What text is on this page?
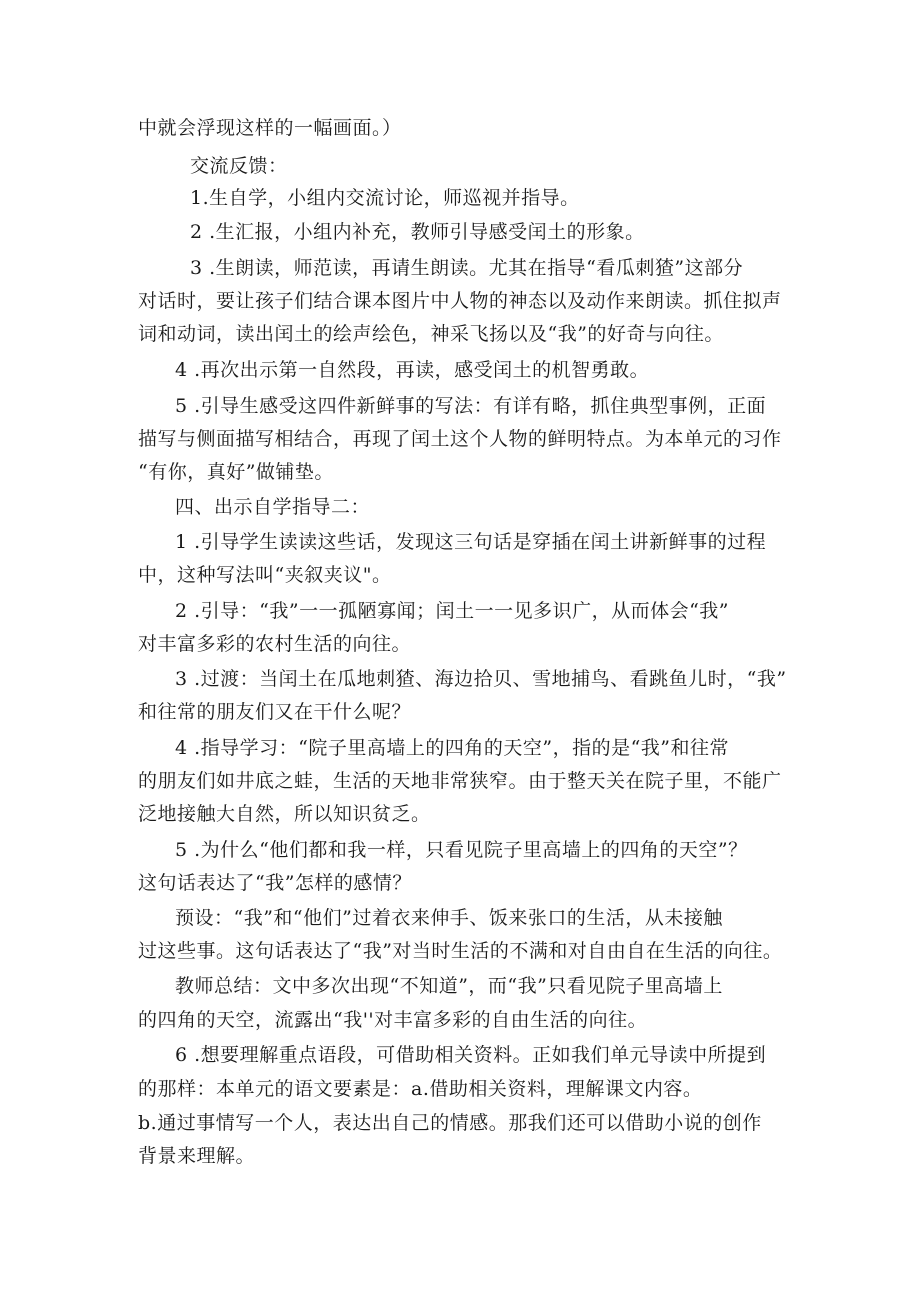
中就会浮现这样的一幅画面。）
交流反馈：
1.生自学，小组内交流讨论，师巡视并指导。
2 .生汇报，小组内补充，教师引导感受闰土的形象。
3 .生朗读，师范读，再请生朗读。尤其在指导“看瓜刺猹”这部分
对话时，要让孩子们结合课本图片中人物的神态以及动作来朗读。抓住拟声
词和动词，读出闰土的绘声绘色，神采飞扬以及“我”的好奇与向往。
4 .再次出示第一自然段，再读，感受闰土的机智勇敢。
5 .引导生感受这四件新鲜事的写法：有详有略，抓住典型事例，正面
描写与侧面描写相结合，再现了闰土这个人物的鲜明特点。为本单元的习作
“有你，真好”做铺垫。
四、出示自学指导二：
1 .引导学生读读这些话，发现这三句话是穿插在闰土讲新鲜事的过程
中，这种写法叫“夹叙夹议"。
2 .引导：“我”一一孤陋寡闻；闰土一一见多识广，从而体会“我”
对丰富多彩的农村生活的向往。
3 .过渡：当闰土在瓜地刺猹、海边拾贝、雪地捕鸟、看跳鱼儿时，“我”
和往常的朋友们又在干什么呢？
4 .指导学习：“院子里高墙上的四角的天空”，指的是“我”和往常
的朋友们如井底之蛙，生活的天地非常狭窄。由于整天关在院子里，不能广
泛地接触大自然，所以知识贫乏。
5 .为什么“他们都和我一样，只看见院子里高墙上的四角的天空”？
这句话表达了“我”怎样的感情？
预设：“我”和“他们”过着衣来伸手、饭来张口的生活，从未接触
过这些事。这句话表达了“我”对当时生活的不满和对自由自在生活的向往。
教师总结：文中多次出现“不知道”，而“我”只看见院子里高墙上
的四角的天空，流露出“我''对丰富多彩的自由生活的向往。
6 .想要理解重点语段，可借助相关资料。正如我们单元导读中所提到
的那样：本单元的语文要素是：a.借助相关资料，理解课文内容。
b.通过事情写一个人，表达出自己的情感。那我们还可以借助小说的创作
背景来理解。
